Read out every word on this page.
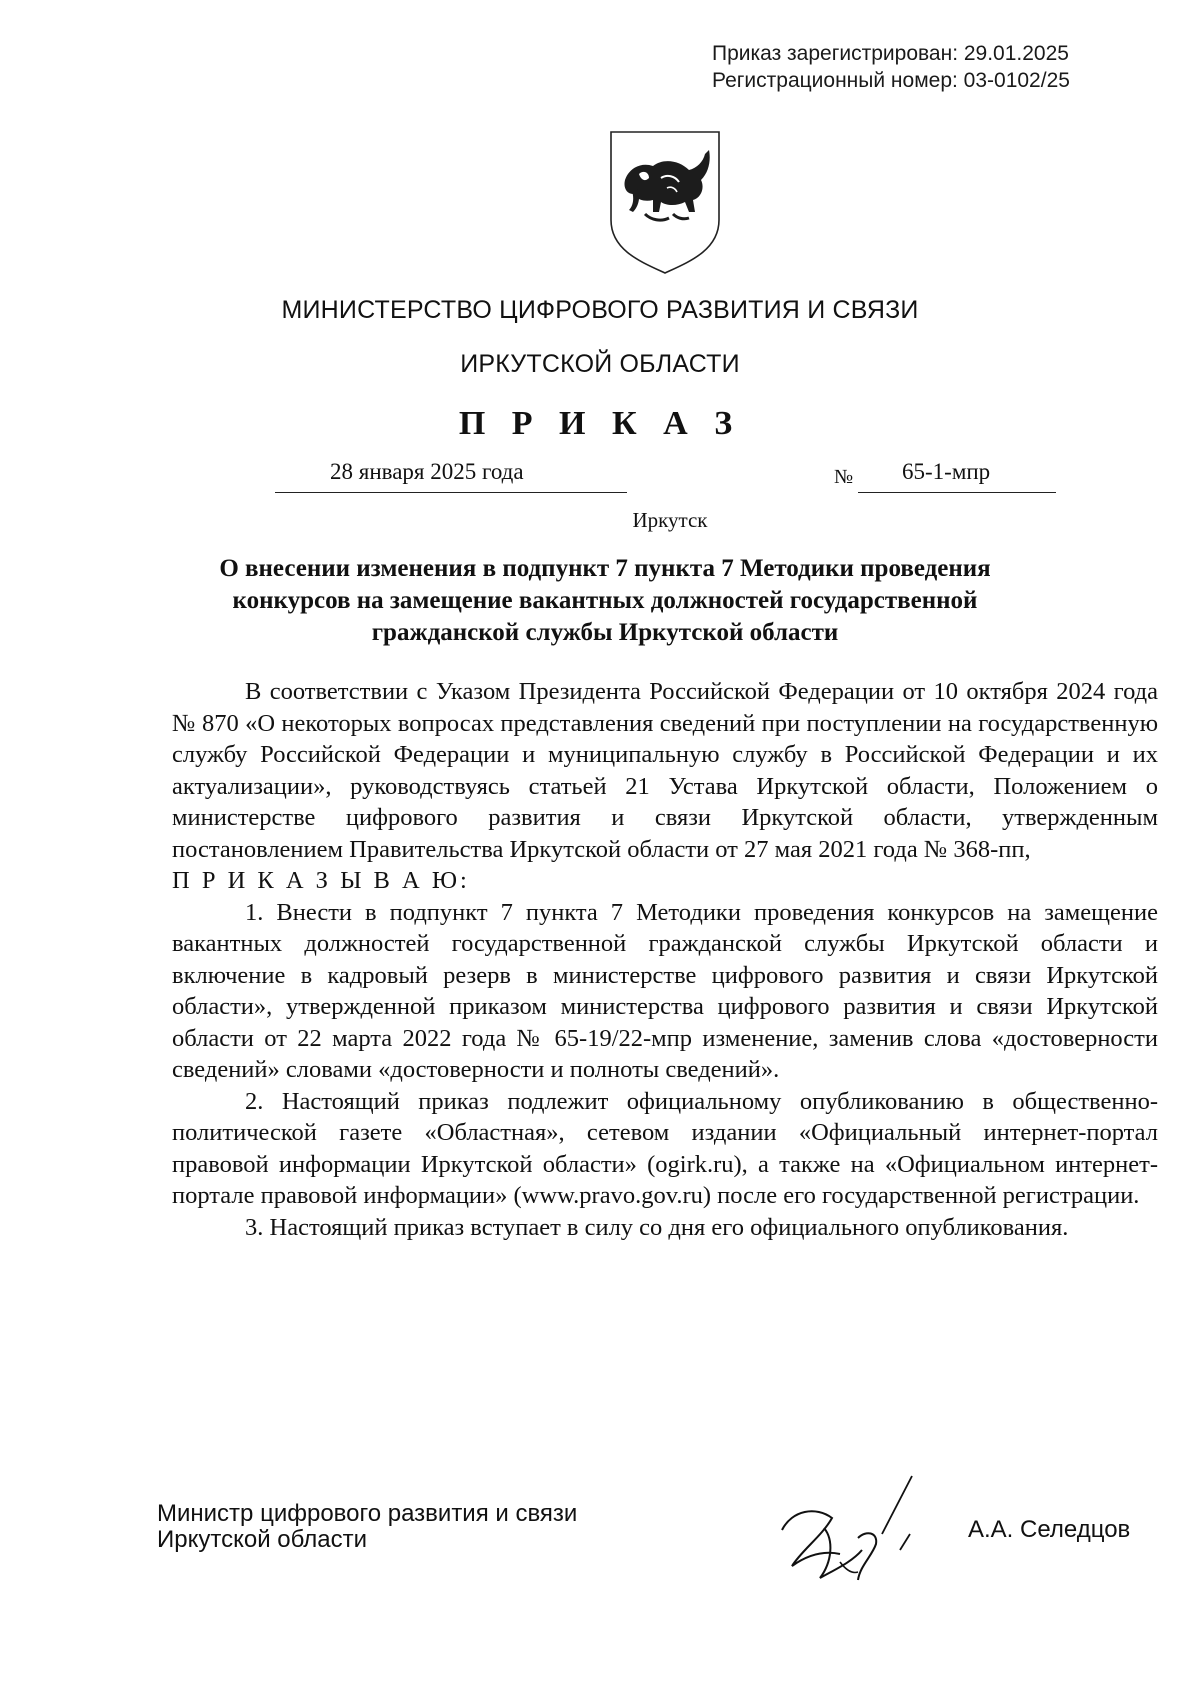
Приказ зарегистрирован: 29.01.2025
Регистрационный номер: 03-0102/25
МИНИСТЕРСТВО ЦИФРОВОГО РАЗВИТИЯ И СВЯЗИ
ИРКУТСКОЙ ОБЛАСТИ
П Р И К А З
28 января 2025 года	№ 65-1-мпр
Иркутск
О внесении изменения в подпункт 7 пункта 7 Методики проведения конкурсов на замещение вакантных должностей государственной гражданской службы Иркутской области

В соответствии с Указом Президента Российской Федерации от 10 октября 2024 года № 870 «О некоторых вопросах представления сведений при поступлении на государственную службу Российской Федерации и муниципальную службу в Российской Федерации и их актуализации», руководствуясь статьей 21 Устава Иркутской области, Положением о министерстве цифрового развития и связи Иркутской области, утвержденным постановлением Правительства Иркутской области от 27 мая 2021 года № 368-пп,

П Р И К А З Ы В А Ю:

1. Внести в подпункт 7 пункта 7 Методики проведения конкурсов на замещение вакантных должностей государственной гражданской службы Иркутской области и включение в кадровый резерв в министерстве цифрового развития и связи Иркутской области», утвержденной приказом министерства цифрового развития и связи Иркутской области от 22 марта 2022 года № 65-19/22-мпр изменение, заменив слова «достоверности сведений» словами «достоверности и полноты сведений».

2. Настоящий приказ подлежит официальному опубликованию в общественно-политической газете «Областная», сетевом издании «Официальный интернет-портал правовой информации Иркутской области» (ogirk.ru), а также на «Официальном интернет-портале правовой информации» (www.pravo.gov.ru) после его государственной регистрации.

3. Настоящий приказ вступает в силу со дня его официального опубликования.

Министр цифрового развития и связи
Иркутской области	А.А. Селедцов
